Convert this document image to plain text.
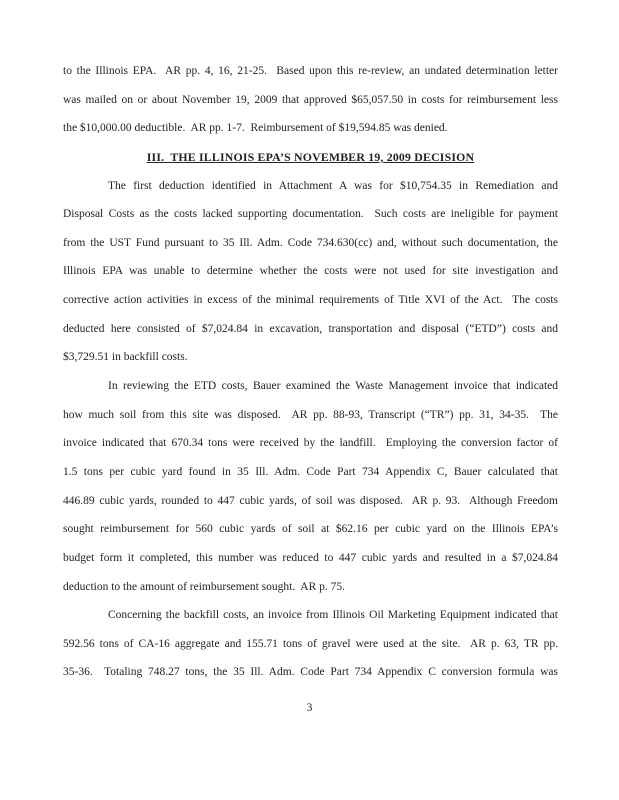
to the Illinois EPA.  AR pp. 4, 16, 21-25.  Based upon this re-review, an undated determination letter
was mailed on or about November 19, 2009 that approved $65,057.50 in costs for reimbursement less
the $10,000.00 deductible.  AR pp. 1-7.  Reimbursement of $19,594.85 was denied.
III.  THE ILLINOIS EPA’S NOVEMBER 19, 2009 DECISION
The first deduction identified in Attachment A was for $10,754.35 in Remediation and
Disposal Costs as the costs lacked supporting documentation.  Such costs are ineligible for payment
from the UST Fund pursuant to 35 Ill. Adm. Code 734.630(cc) and, without such documentation, the
Illinois EPA was unable to determine whether the costs were not used for site investigation and
corrective action activities in excess of the minimal requirements of Title XVI of the Act.  The costs
deducted here consisted of $7,024.84 in excavation, transportation and disposal (“ETD”) costs and
$3,729.51 in backfill costs.
In reviewing the ETD costs, Bauer examined the Waste Management invoice that indicated
how much soil from this site was disposed.  AR pp. 88-93, Transcript (“TR”) pp. 31, 34-35.  The
invoice indicated that 670.34 tons were received by the landfill.  Employing the conversion factor of
1.5 tons per cubic yard found in 35 Ill. Adm. Code Part 734 Appendix C, Bauer calculated that
446.89 cubic yards, rounded to 447 cubic yards, of soil was disposed.  AR p. 93.  Although Freedom
sought reimbursement for 560 cubic yards of soil at $62.16 per cubic yard on the Illinois EPA’s
budget form it completed, this number was reduced to 447 cubic yards and resulted in a $7,024.84
deduction to the amount of reimbursement sought.  AR p. 75.
Concerning the backfill costs, an invoice from Illinois Oil Marketing Equipment indicated that
592.56 tons of CA-16 aggregate and 155.71 tons of gravel were used at the site.  AR p. 63, TR pp.
35-36.  Totaling 748.27 tons, the 35 Ill. Adm. Code Part 734 Appendix C conversion formula was
3
